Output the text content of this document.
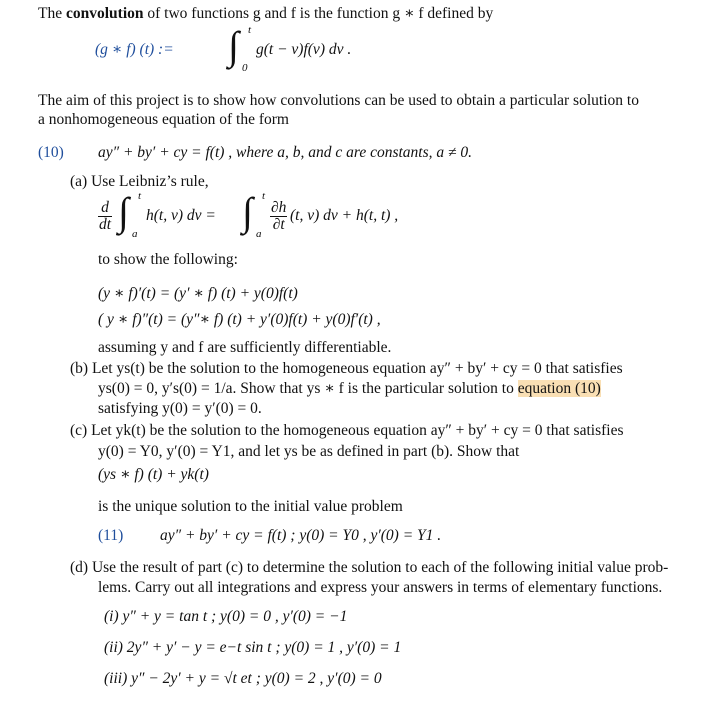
The convolution of two functions g and f is the function g ∗ f defined by
(g ∗ f) (t) := ∫ t
0
g(t − v)f(v) dv .
The aim of this project is to show how convolutions can be used to obtain a particular solution to
a nonhomogeneous equation of the form
(10) ay″ + by′ + cy = f(t) , where a, b, and c are constants, a ≠ 0.
(a) Use Leibniz’s rule,
$\frac{d}{dt}$ ∫ t
a
h(t, v) dv = ∫ t
a
$\frac{\partial h}{\partial t} (t$, v) dv + h(t, t) ,
to show the following:
(y ∗ f)′(t) = (y′ ∗ f) (t) + y(0)f(t)
( y ∗ f)″(t) = (y″∗ f) (t) + y′(0)f(t) + y(0)f′(t) ,
assuming y and f are sufficiently differentiable.
(b) Let ys(t) be the solution to the homogeneous equation ay″ + by′ + cy = 0 that satisfies
ys(0) = 0, y′s(0) = 1/a. Show that ys ∗ f is the particular solution to equation (10)
satisfying y(0) = y′(0) = 0.
(c) Let yk(t) be the solution to the homogeneous equation ay″ + by′ + cy = 0 that satisfies
y(0) = Y0, y′(0) = Y1, and let ys be as defined in part (b). Show that
(ys ∗ f) (t) + yk(t)
is the unique solution to the initial value problem
(11) ay″ + by′ + cy = f(t) ; y(0) = Y0 , y′(0) = Y1 .
(d) Use the result of part (c) to determine the solution to each of the following initial value prob-
lems. Carry out all integrations and express your answers in terms of elementary functions.
(i) y″ + y = tan t ; y(0) = 0 , y′(0) = −1
(ii) 2y″ + y′ − y = e−t sin t ; y(0) = 1 , y′(0) = 1
(iii) y″ − 2y′ + y = √t et ; y(0) = 2 , y′(0) = 0
